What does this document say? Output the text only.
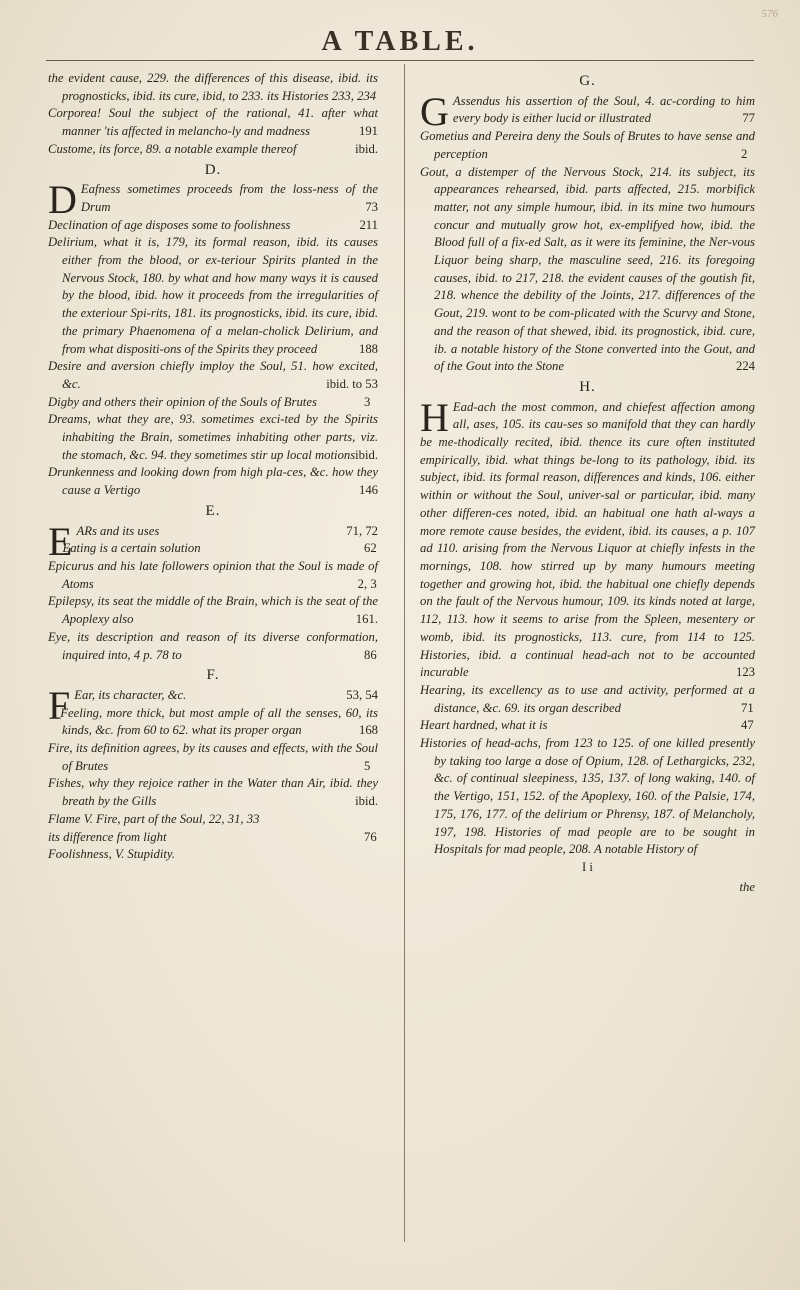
576
A TABLE.

the evident cause, 229. the differences of this disease, ibid. its prognosticks, ibid. its cure, ibid, to 233. its Histories 233, 234

Corporea! Soul the subject of the rational, 41. after what manner 'tis affected in melancho-ly and madness	191

Custome, its force, 89. a notable example thereof	ibid.

D.

D Eafness sometimes proceeds from the loss-ness of the Drum	73

Declination of age disposes some to foolishness	211

Delirium, what it is, 179, its formal reason, ibid. its causes either from the blood, or ex-teriour Spirits planted in the Nervous Stock, 180. by what and how many ways it is caused by the blood, ibid. how it proceeds from the irregularities of the exteriour Spi-rits, 181. its prognosticks, ibid. its cure, ibid. the primary Phaenomena of a melan-cholick Delirium, and from what dispositi-ons of the Spirits they proceed	188

Desire and aversion chiefly imploy the Soul, 51. how excited, &c.	ibid. to 53

Digby and others their opinion of the Souls of Brutes	3

Dreams, what they are, 93. sometimes exci-ted by the Spirits inhabiting the Brain, sometimes inhabiting other parts, viz. the stomach, &c. 94. they sometimes stir up local motions ibid.

Drunkenness and looking down from high pla-ces, &c. how they cause a Vertigo	146

E.

E ARs and its uses	71, 72

Eating is a certain solution	62

Epicurus and his late followers opinion that the Soul is made of Atoms	2, 3

Epilepsy, its seat the middle of the Brain, which is the seat of the Apoplexy also	161.

Eye, its description and reason of its diverse conformation, inquired into, 4 p. 78 to	86

F.

F Ear, its character, &c.	53, 54

Feeling, more thick, but most ample of all the senses, 60, its kinds, &c. from 60 to 62. what its proper organ	168

Fire, its definition agrees, by its causes and effects, with the Soul of Brutes	5

Fishes, why they rejoice rather in the Water than Air, ibid. they breath by the Gills	ibid.

Flame V. Fire, part of the Soul, 22, 31, 33

its difference from light	76

Foolishness, V. Stupidity.

G.

G Assendus his assertion of the Soul, 4. ac-cording to him every body is either lucid or illustrated	77

Gometius and Pereira deny the Souls of Brutes to have sense and perception	2

Gout, a distemper of the Nervous Stock, 214. its subject, its appearances rehearsed, ibid. parts affected, 215. morbifick matter, not any simple humour, ibid. in its mine two humours concur and mutually grow hot, ex-emplifyed how, ibid. the Blood full of a fix-ed Salt, as it were its feminine, the Ner-vous Liquor being sharp, the masculine seed, 216. its foregoing causes, ibid. to 217, 218. the evident causes of the goutish fit, 218. whence the debility of the Joints, 217. differences of the Gout, 219. wont to be com-plicated with the Scurvy and Stone, and the reason of that shewed, ibid. its prognostick, ibid. cure, ib. a notable history of the Stone converted into the Gout, and of the Gout into the Stone	224

H.

H Ead-ach the most common, and chiefest affection among all, ases, 105. its cau-ses so manifold that they can hardly be me-thodically recited, ibid. thence its cure often instituted empirically, ibid. what things be-long to its pathology, ibid. its subject, ibid. its formal reason, differences and kinds, 106. either within or without the Soul, univer-sal or particular, ibid. many other differen-ces noted, ibid. an habitual one hath al-ways a more remote cause besides, the evident, ibid. its causes, a p. 107 ad 110. arising from the Nervous Liquor at chiefly infests in the mornings, 108. how stirred up by many humours meeting together and growing hot, ibid. the habitual one chiefly depends on the fault of the Nervous humour, 109. its kinds noted at large, 112, 113. how it seems to arise from the Spleen, mesentery or womb, ibid. its prognosticks, 113. cure, from 114 to 125. Histories, ibid. a continual head-ach not to be accounted incurable	123

Hearing, its excellency as to use and activity, performed at a distance, &c. 69. its organ described	71

Heart hardned, what it is	47

Histories of head-achs, from 123 to 125. of one killed presently by taking too large a dose of Opium, 128. of Lethargicks, 232, &c. of continual sleepiness, 135, 137. of long waking, 140. of the Vertigo, 151, 152. of the Apoplexy, 160. of the Palsie, 174, 175, 176, 177. of the delirium or Phrensy, 187. of Melancholy, 197, 198. Histories of mad people are to be sought in Hospitals for mad people, 208. A notable History of

I i
the
